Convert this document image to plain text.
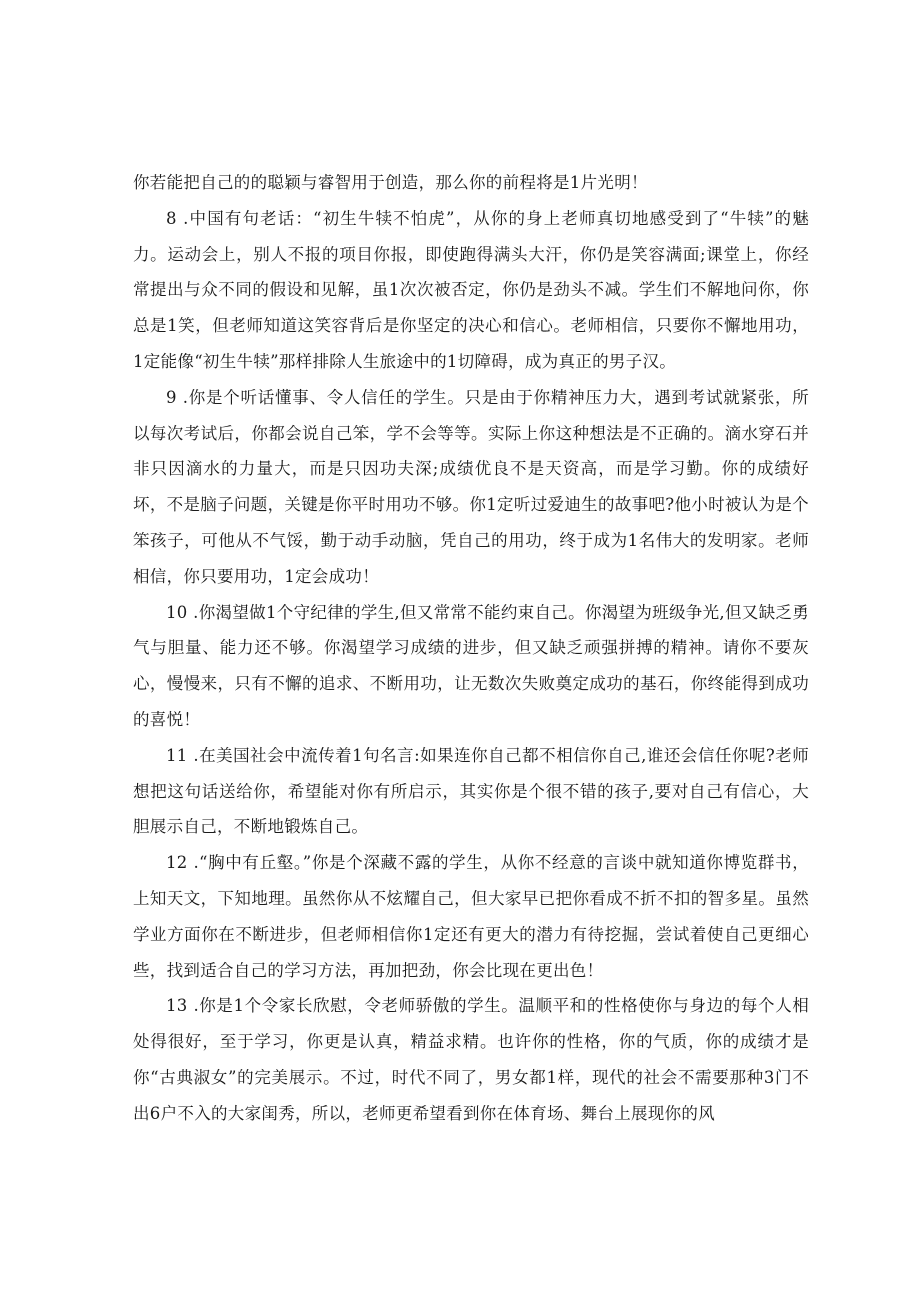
你若能把自己的的聪颖与睿智用于创造，那么你的前程将是1片光明！

8 .中国有句老话：“初生牛犊不怕虎”，从你的身上老师真切地感受到了“牛犊”的魅力。运动会上，别人不报的项目你报，即使跑得满头大汗，你仍是笑容满面;课堂上，你经常提出与众不同的假设和见解，虽1次次被否定，你仍是劲头不减。学生们不解地问你，你总是1笑，但老师知道这笑容背后是你坚定的决心和信心。老师相信，只要你不懈地用功，1定能像“初生牛犊”那样排除人生旅途中的1切障碍，成为真正的男子汉。

9 .你是个听话懂事、令人信任的学生。只是由于你精神压力大，遇到考试就紧张，所以每次考试后，你都会说自己笨，学不会等等。实际上你这种想法是不正确的。滴水穿石并非只因滴水的力量大，而是只因功夫深;成绩优良不是天资高，而是学习勤。你的成绩好坏，不是脑子问题，关键是你平时用功不够。你1定听过爱迪生的故事吧?他小时被认为是个笨孩子，可他从不气馁，勤于动手动脑，凭自己的用功，终于成为1名伟大的发明家。老师相信，你只要用功，1定会成功！

10 .你渴望做1个守纪律的学生,但又常常不能约束自己。你渴望为班级争光,但又缺乏勇气与胆量、能力还不够。你渴望学习成绩的进步，但又缺乏顽强拼搏的精神。请你不要灰心，慢慢来，只有不懈的追求、不断用功，让无数次失败奠定成功的基石，你终能得到成功的喜悦！

11 .在美国社会中流传着1句名言:如果连你自己都不相信你自己,谁还会信任你呢?老师想把这句话送给你，希望能对你有所启示，其实你是个很不错的孩子,要对自己有信心，大胆展示自己，不断地锻炼自己。

12 .“胸中有丘壑。”你是个深藏不露的学生，从你不经意的言谈中就知道你博览群书，上知天文，下知地理。虽然你从不炫耀自己，但大家早已把你看成不折不扣的智多星。虽然学业方面你在不断进步，但老师相信你1定还有更大的潜力有待挖掘，尝试着使自己更细心些，找到适合自己的学习方法，再加把劲，你会比现在更出色！

13 .你是1个令家长欣慰，令老师骄傲的学生。温顺平和的性格使你与身边的每个人相处得很好，至于学习，你更是认真，精益求精。也许你的性格，你的气质，你的成绩才是你“古典淑女”的完美展示。不过，时代不同了，男女都1样，现代的社会不需要那种3门不出6户不入的大家闺秀，所以，老师更希望看到你在体育场、舞台上展现你的风
